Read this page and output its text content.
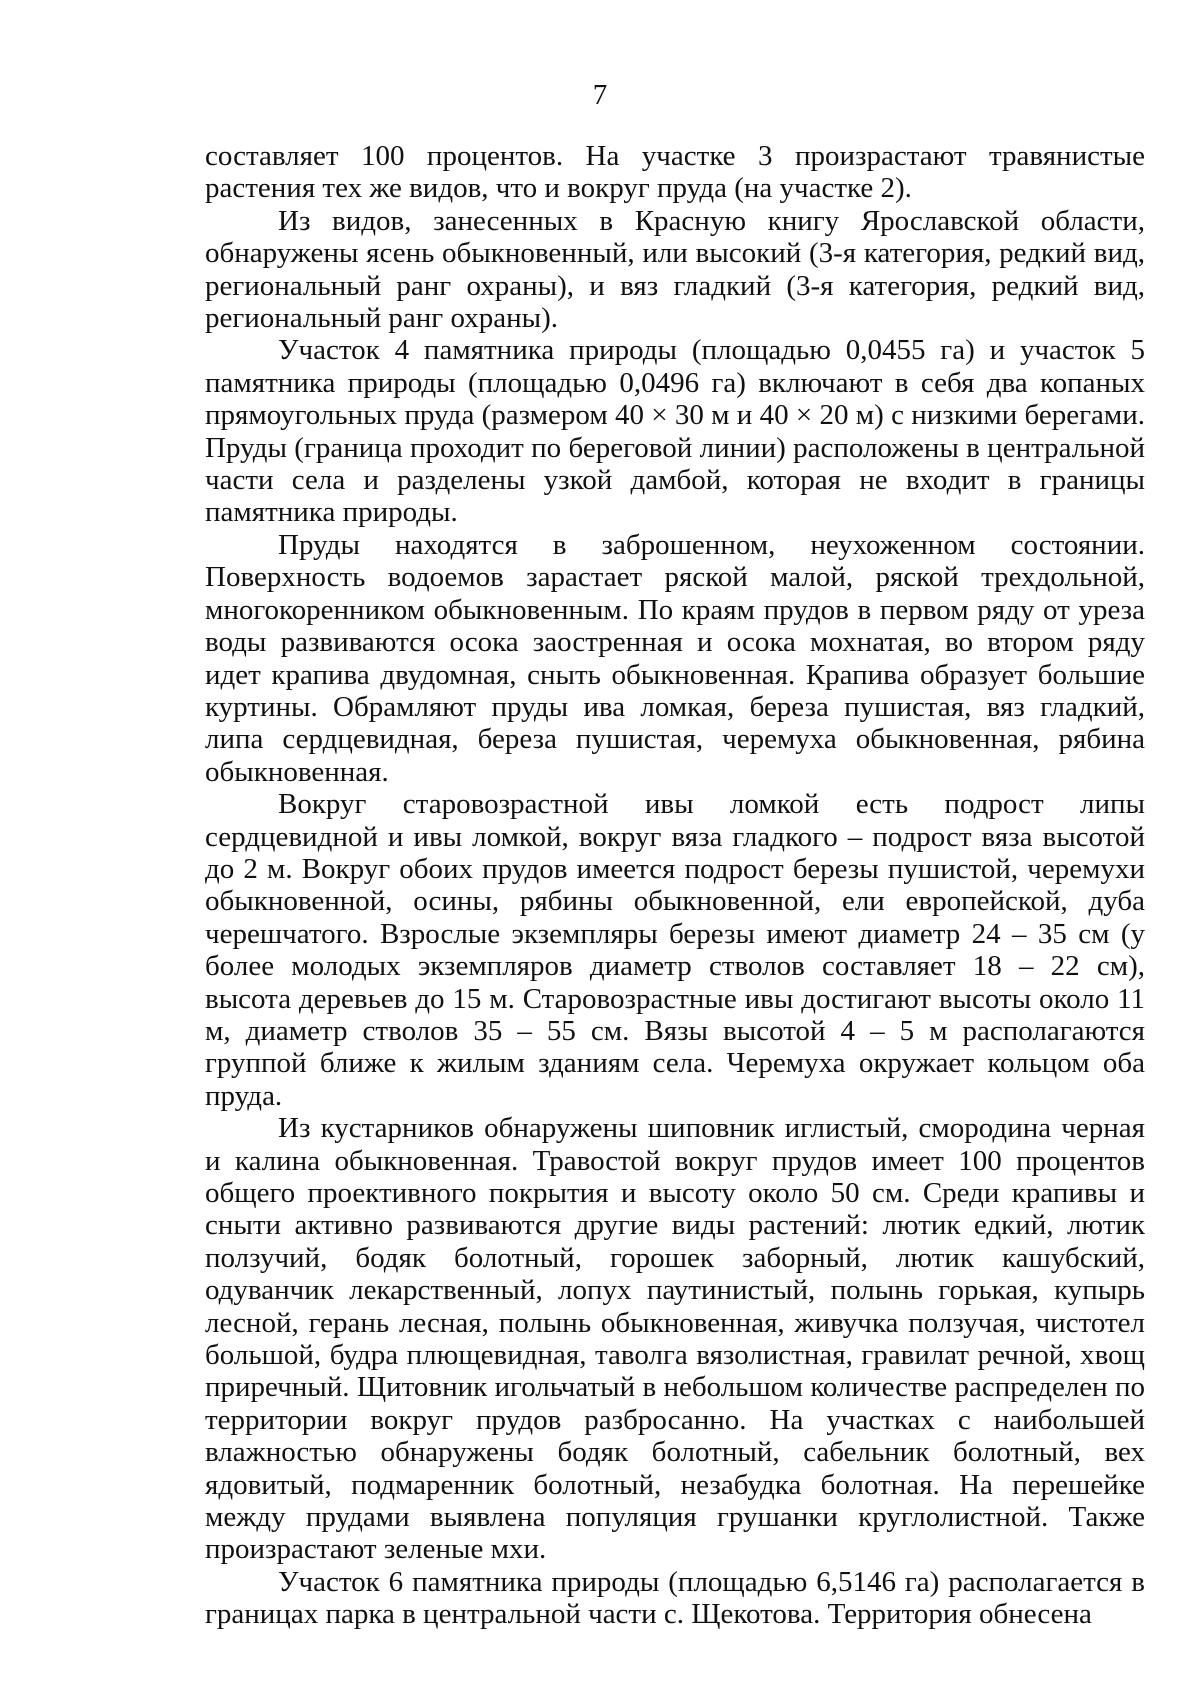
7

составляет 100 процентов. На участке 3 произрастают травянистые растения тех же видов, что и вокруг пруда (на участке 2).

Из видов, занесенных в Красную книгу Ярославской области, обнаружены ясень обыкновенный, или высокий (3-я категория, редкий вид, региональный ранг охраны), и вяз гладкий (3-я категория, редкий вид, региональный ранг охраны).

Участок 4 памятника природы (площадью 0,0455 га) и участок 5 памятника природы (площадью 0,0496 га) включают в себя два копаных прямоугольных пруда (размером 40 × 30 м и 40 × 20 м) с низкими берегами. Пруды (граница проходит по береговой линии) расположены в центральной части села и разделены узкой дамбой, которая не входит в границы памятника природы.

Пруды находятся в заброшенном, неухоженном состоянии. Поверхность водоемов зарастает ряской малой, ряской трехдольной, многокоренником обыкновенным. По краям прудов в первом ряду от уреза воды развиваются осока заостренная и осока мохнатая, во втором ряду идет крапива двудомная, сныть обыкновенная. Крапива образует большие куртины. Обрамляют пруды ива ломкая, береза пушистая, вяз гладкий, липа сердцевидная, береза пушистая, черемуха обыкновенная, рябина обыкновенная.

Вокруг старовозрастной ивы ломкой есть подрост липы сердцевидной и ивы ломкой, вокруг вяза гладкого – подрост вяза высотой до 2 м. Вокруг обоих прудов имеется подрост березы пушистой, черемухи обыкновенной, осины, рябины обыкновенной, ели европейской, дуба черешчатого. Взрослые экземпляры березы имеют диаметр 24 – 35 см (у более молодых экземпляров диаметр стволов составляет 18 – 22 см), высота деревьев до 15 м. Старовозрастные ивы достигают высоты около 11 м, диаметр стволов 35 – 55 см. Вязы высотой 4 – 5 м располагаются группой ближе к жилым зданиям села. Черемуха окружает кольцом оба пруда.

Из кустарников обнаружены шиповник иглистый, смородина черная и калина обыкновенная. Травостой вокруг прудов имеет 100 процентов общего проективного покрытия и высоту около 50 см. Среди крапивы и сныти активно развиваются другие виды растений: лютик едкий, лютик ползучий, бодяк болотный, горошек заборный, лютик кашубский, одуванчик лекарственный, лопух паутинистый, полынь горькая, купырь лесной, герань лесная, полынь обыкновенная, живучка ползучая, чистотел большой, будра плющевидная, таволга вязолистная, гравилат речной, хвощ приречный. Щитовник игольчатый в небольшом количестве распределен по территории вокруг прудов разбросанно. На участках с наибольшей влажностью обнаружены бодяк болотный, сабельник болотный, вех ядовитый, подмаренник болотный, незабудка болотная. На перешейке между прудами выявлена популяция грушанки круглолистной. Также произрастают зеленые мхи.

Участок 6 памятника природы (площадью 6,5146 га) располагается в границах парка в центральной части с. Щекотова. Территория обнесена
